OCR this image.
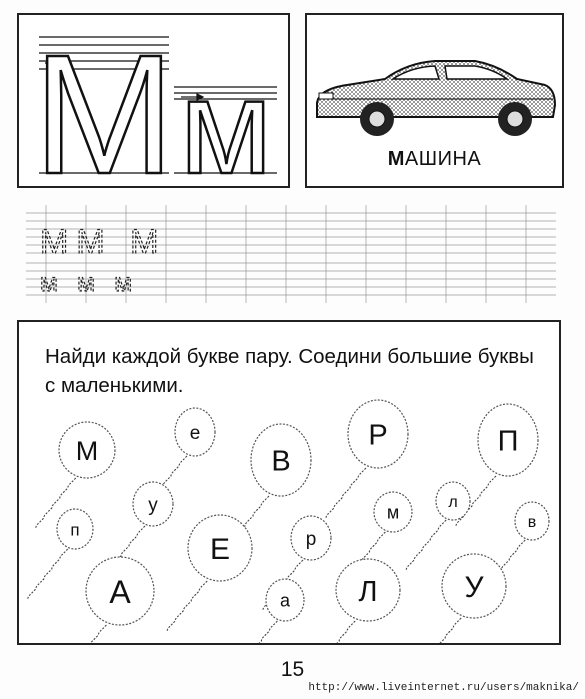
М м	МАШИНА
ММ М
м м м

Найди каждой букве пару. Соедини большие буквы с маленькими.

М
е	Р	П
В
у
п
м
л
в
Е	р
А	а Л	У
15
http://www.liveinternet.ru/users/maknika/
